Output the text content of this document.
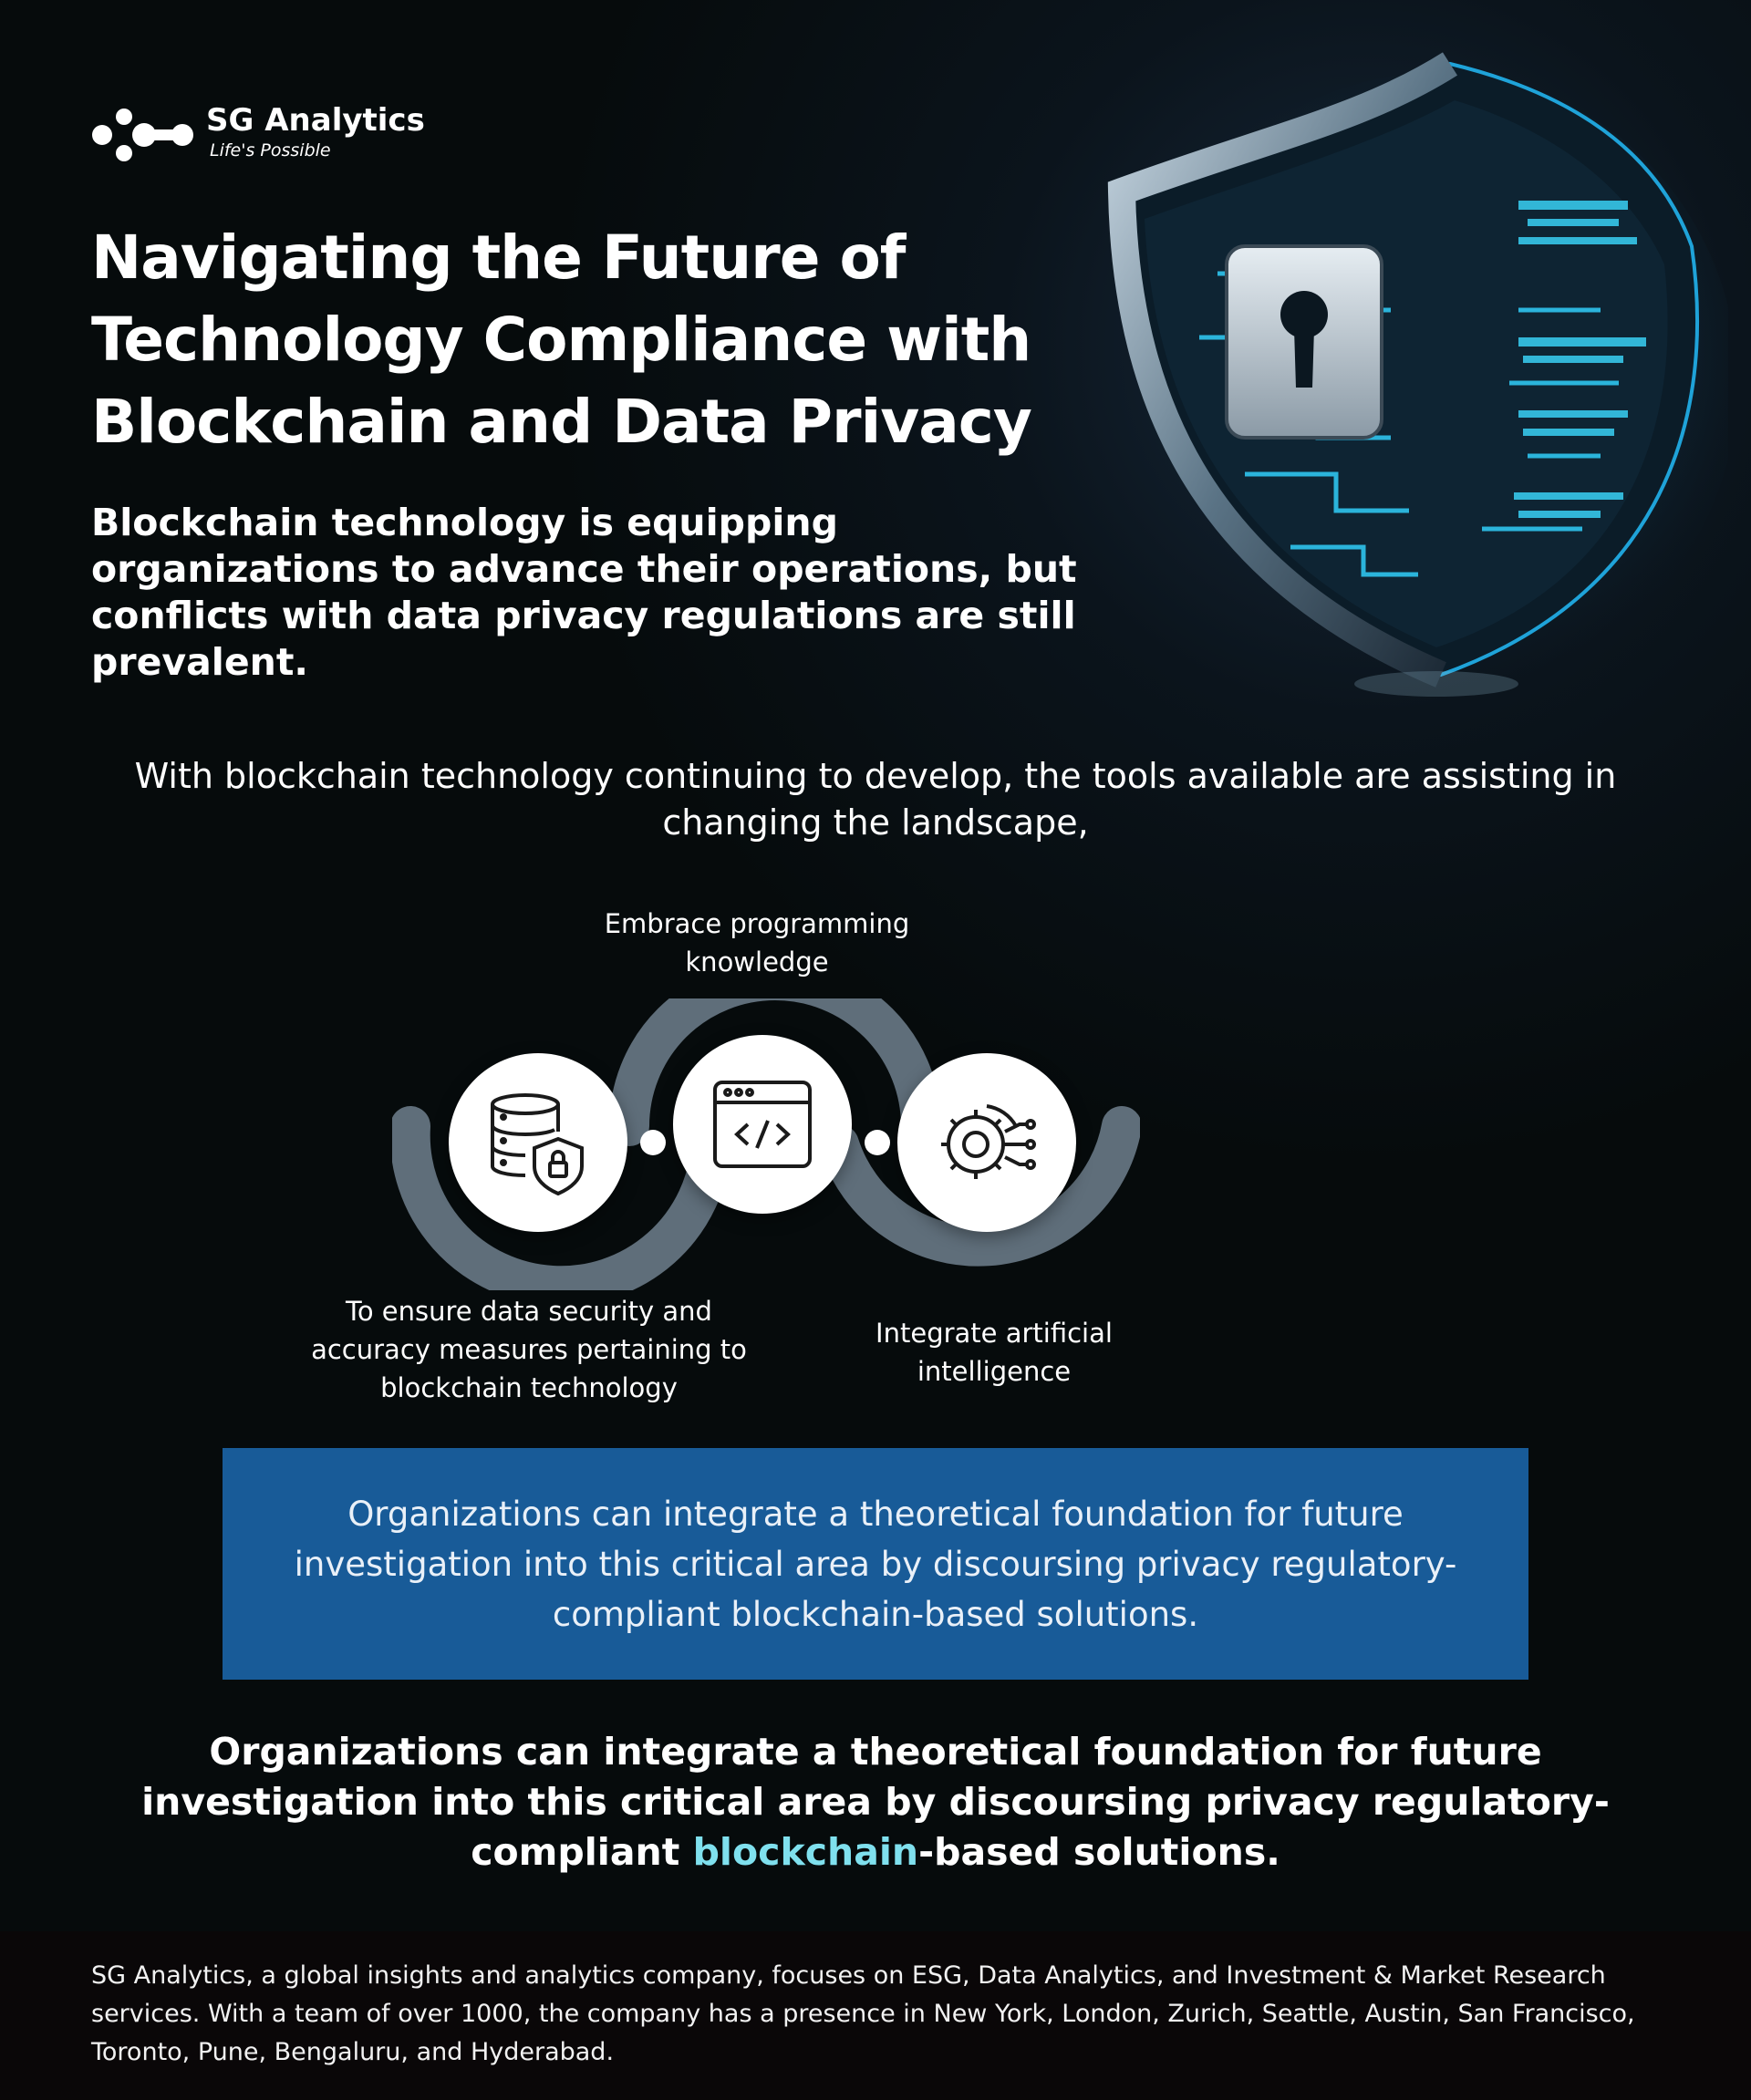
SG Analytics
Life's Possible
Navigating the Future of Technology Compliance with Blockchain and Data Privacy

Blockchain technology is equipping organizations to advance their operations, but conflicts with data privacy regulations are still prevalent.

With blockchain technology continuing to develop, the tools available are assisting in changing the landscape,

Embrace programming knowledge
To ensure data security and accuracy measures pertaining to blockchain technology
Integrate artificial intelligence

Organizations can integrate a theoretical foundation for future investigation into this critical area by discoursing privacy regulatory-compliant blockchain-based solutions.

Organizations can integrate a theoretical foundation for future investigation into this critical area by discoursing privacy regulatory-compliant blockchain-based solutions.

SG Analytics, a global insights and analytics company, focuses on ESG, Data Analytics, and Investment & Market Research services. With a team of over 1000, the company has a presence in New York, London, Zurich, Seattle, Austin, San Francisco, Toronto, Pune, Bengaluru, and Hyderabad.
